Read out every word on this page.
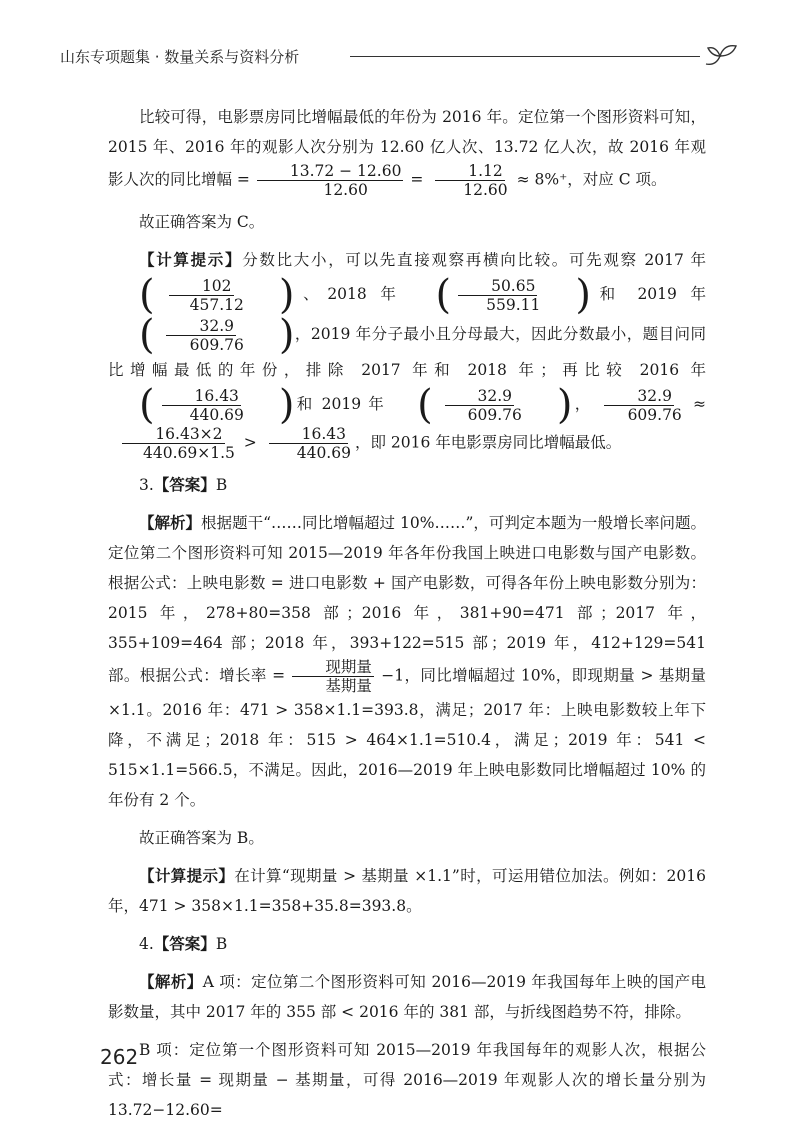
山东专项题集 · 数量关系与资料分析

比较可得，电影票房同比增幅最低的年份为 2016 年。定位第一个图形资料可知，2015 年、2016 年的观影人次分别为 12.60 亿人次、13.72 亿人次，故 2016 年观影人次的同比增幅 = $\frac{13.72 - 12.60}{12.60} = \frac{1.12}{12.60} \approx 8\%^+$，对应 C 项。

故正确答案为 C。

【计算提示】分数比大小，可以先直接观察再横向比较。可先观察 2017 年
( $\frac{102}{457.12}$ ) 、2018 年 ( $\frac{50.65}{559.11}$ ) 和 2019 年
( $\frac{32.9}{609.76}$ ) ，2019 年分子最小且分母最大，因此分数最小，题目问同比增幅最低的年份，排除 2017 年和 2018 年；再比较 2016 年
( $\frac{16.43}{440.69}$ ) 和 2019 年 ( $\frac{32.9}{609.76}$ ) ， $\frac{32.9}{609.76}$ ≈
$\frac{16.43\times 2}{440.69\times 1.5} > \frac{16.43}{440.69}$ ，即 2016 年电影票房同比增幅最低。

3.【答案】B

【解析】根据题干“……同比增幅超过 10%……”，可判定本题为一般增长率问题。定位第二个图形资料可知 2015—2019 年各年份我国上映进口电影数与国产电影数。根据公式：上映电影数 = 进口电影数 + 国产电影数，可得各年份上映电影数分别为：2015 年，278+80=358 部；2016 年，381+90=471 部；2017 年，355+109=464 部；2018 年，393+122=515 部；2019 年，412+129=541 部。根据公式：增长率 = $\frac{\text{现期量}}{\text{基期量}} -1$，同比增幅超过 10%，即现期量 > 基期量 ×1.1。2016 年：471 > 358×1.1=393.8，满足；2017 年：上映电影数较上年下降，不满足；2018 年：515 > 464×1.1=510.4，满足；2019 年：541 < 515×1.1=566.5，不满足。因此，2016—2019 年上映电影数同比增幅超过 10% 的年份有 2 个。

故正确答案为 B。

【计算提示】在计算“现期量 > 基期量 ×1.1”时，可运用错位加法。例如：2016 年，471 > 358×1.1=358+35.8=393.8。

4.【答案】B

【解析】A 项：定位第二个图形资料可知 2016—2019 年我国每年上映的国产电影数量，其中 2017 年的 355 部 < 2016 年的 381 部，与折线图趋势不符，排除。

B 项：定位第一个图形资料可知 2015—2019 年我国每年的观影人次，根据公式：增长量 = 现期量 − 基期量，可得 2016—2019 年观影人次的增长量分别为 13.72−12.60=

262
